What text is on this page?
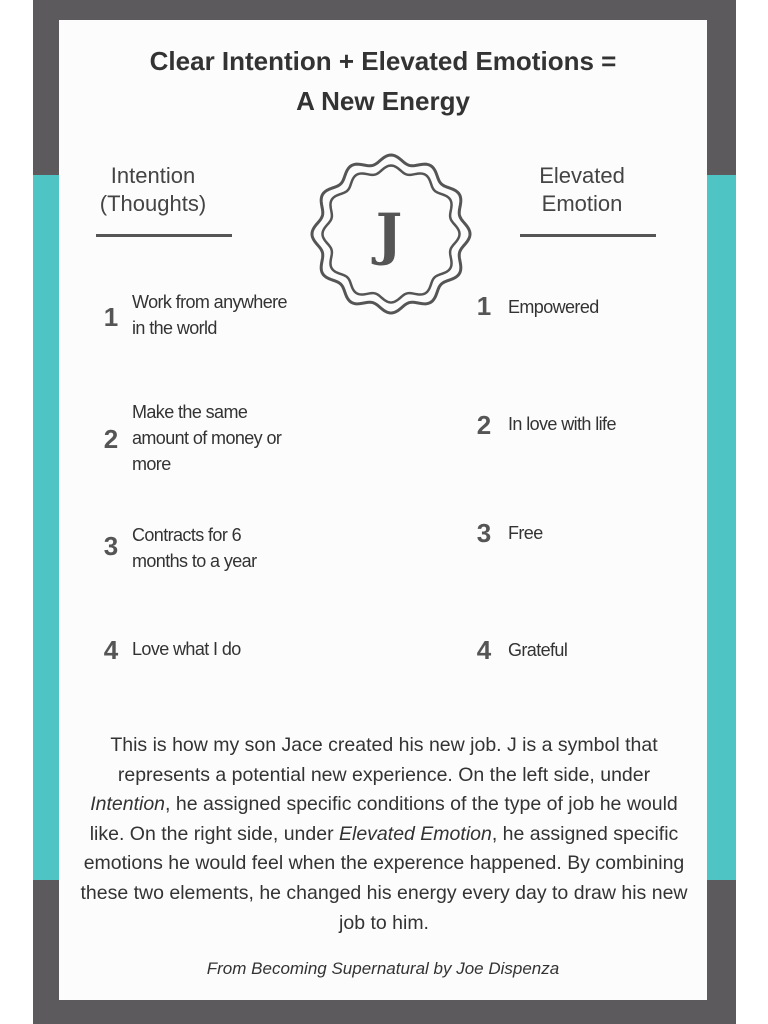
Clear Intention + Elevated Emotions =
A New Energy
Intention
(Thoughts)
Elevated
Emotion
J
1 Work from anywhere
in the world
2
Make the same
amount of money or
more
3 Contracts for 6
months to a year
4 Love what I do
1 Empowered
2 In love with life
3 Free
4 Grateful

This is how my son Jace created his new job. J is a symbol that represents a potential new experience. On the left side, under Intention, he assigned specific conditions of the type of job he would like. On the right side, under Elevated Emotion, he assigned specific emotions he would feel when the experence happened. By combining these two elements, he changed his energy every day to draw his new job to him.

From Becoming Supernatural by Joe Dispenza
